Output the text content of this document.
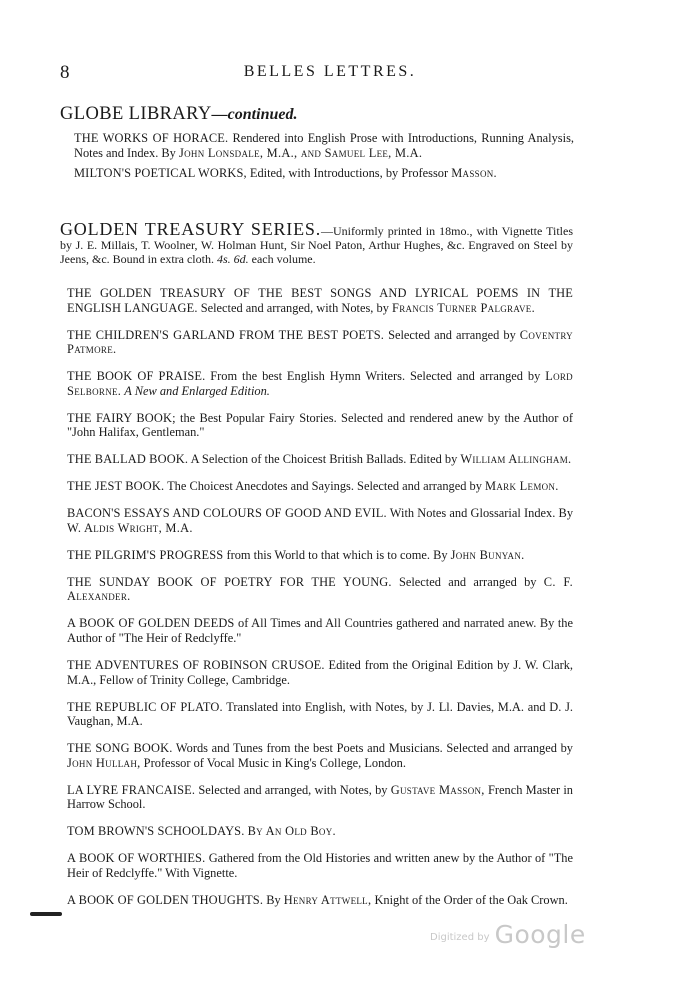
8	BELLES LETTRES.
GLOBE LIBRARY—continued.

THE WORKS OF HORACE. Rendered into English Prose with Introductions, Running Analysis, Notes and Index. By John Lonsdale, M.A., and Samuel Lee, M.A.

MILTON'S POETICAL WORKS, Edited, with Introductions, by Professor Masson.

GOLDEN TREASURY SERIES.—Uniformly printed in 18mo., with Vignette Titles by J. E. Millais, T. Woolner, W. Holman Hunt, Sir Noel Paton, Arthur Hughes, &c. Engraved on Steel by Jeens, &c. Bound in extra cloth. 4s. 6d. each volume.

THE GOLDEN TREASURY OF THE BEST SONGS AND LYRICAL POEMS IN THE ENGLISH LANGUAGE. Selected and arranged, with Notes, by Francis Turner Palgrave.

THE CHILDREN'S GARLAND FROM THE BEST POETS. Selected and arranged by Coventry Patmore.

THE BOOK OF PRAISE. From the best English Hymn Writers. Selected and arranged by Lord Selborne. A New and Enlarged Edition.

THE FAIRY BOOK; the Best Popular Fairy Stories. Selected and rendered anew by the Author of "John Halifax, Gentleman."

THE BALLAD BOOK. A Selection of the Choicest British Ballads. Edited by William Allingham.

THE JEST BOOK. The Choicest Anecdotes and Sayings. Selected and arranged by Mark Lemon.

BACON'S ESSAYS AND COLOURS OF GOOD AND EVIL. With Notes and Glossarial Index. By W. Aldis Wright, M.A.

THE PILGRIM'S PROGRESS from this World to that which is to come. By John Bunyan.

THE SUNDAY BOOK OF POETRY FOR THE YOUNG. Selected and arranged by C. F. Alexander.

A BOOK OF GOLDEN DEEDS of All Times and All Countries gathered and narrated anew. By the Author of "The Heir of Redclyffe."

THE ADVENTURES OF ROBINSON CRUSOE. Edited from the Original Edition by J. W. Clark, M.A., Fellow of Trinity College, Cambridge.

THE REPUBLIC OF PLATO. Translated into English, with Notes, by J. Ll. Davies, M.A. and D. J. Vaughan, M.A.

THE SONG BOOK. Words and Tunes from the best Poets and Musicians. Selected and arranged by John Hullah, Professor of Vocal Music in King's College, London.

LA LYRE FRANCAISE. Selected and arranged, with Notes, by Gustave Masson, French Master in Harrow School.

TOM BROWN'S SCHOOLDAYS. By An Old Boy.

A BOOK OF WORTHIES. Gathered from the Old Histories and written anew by the Author of "The Heir of Redclyffe." With Vignette.

A BOOK OF GOLDEN THOUGHTS. By Henry Attwell, Knight of the Order of the Oak Crown.

Digitized by Google
